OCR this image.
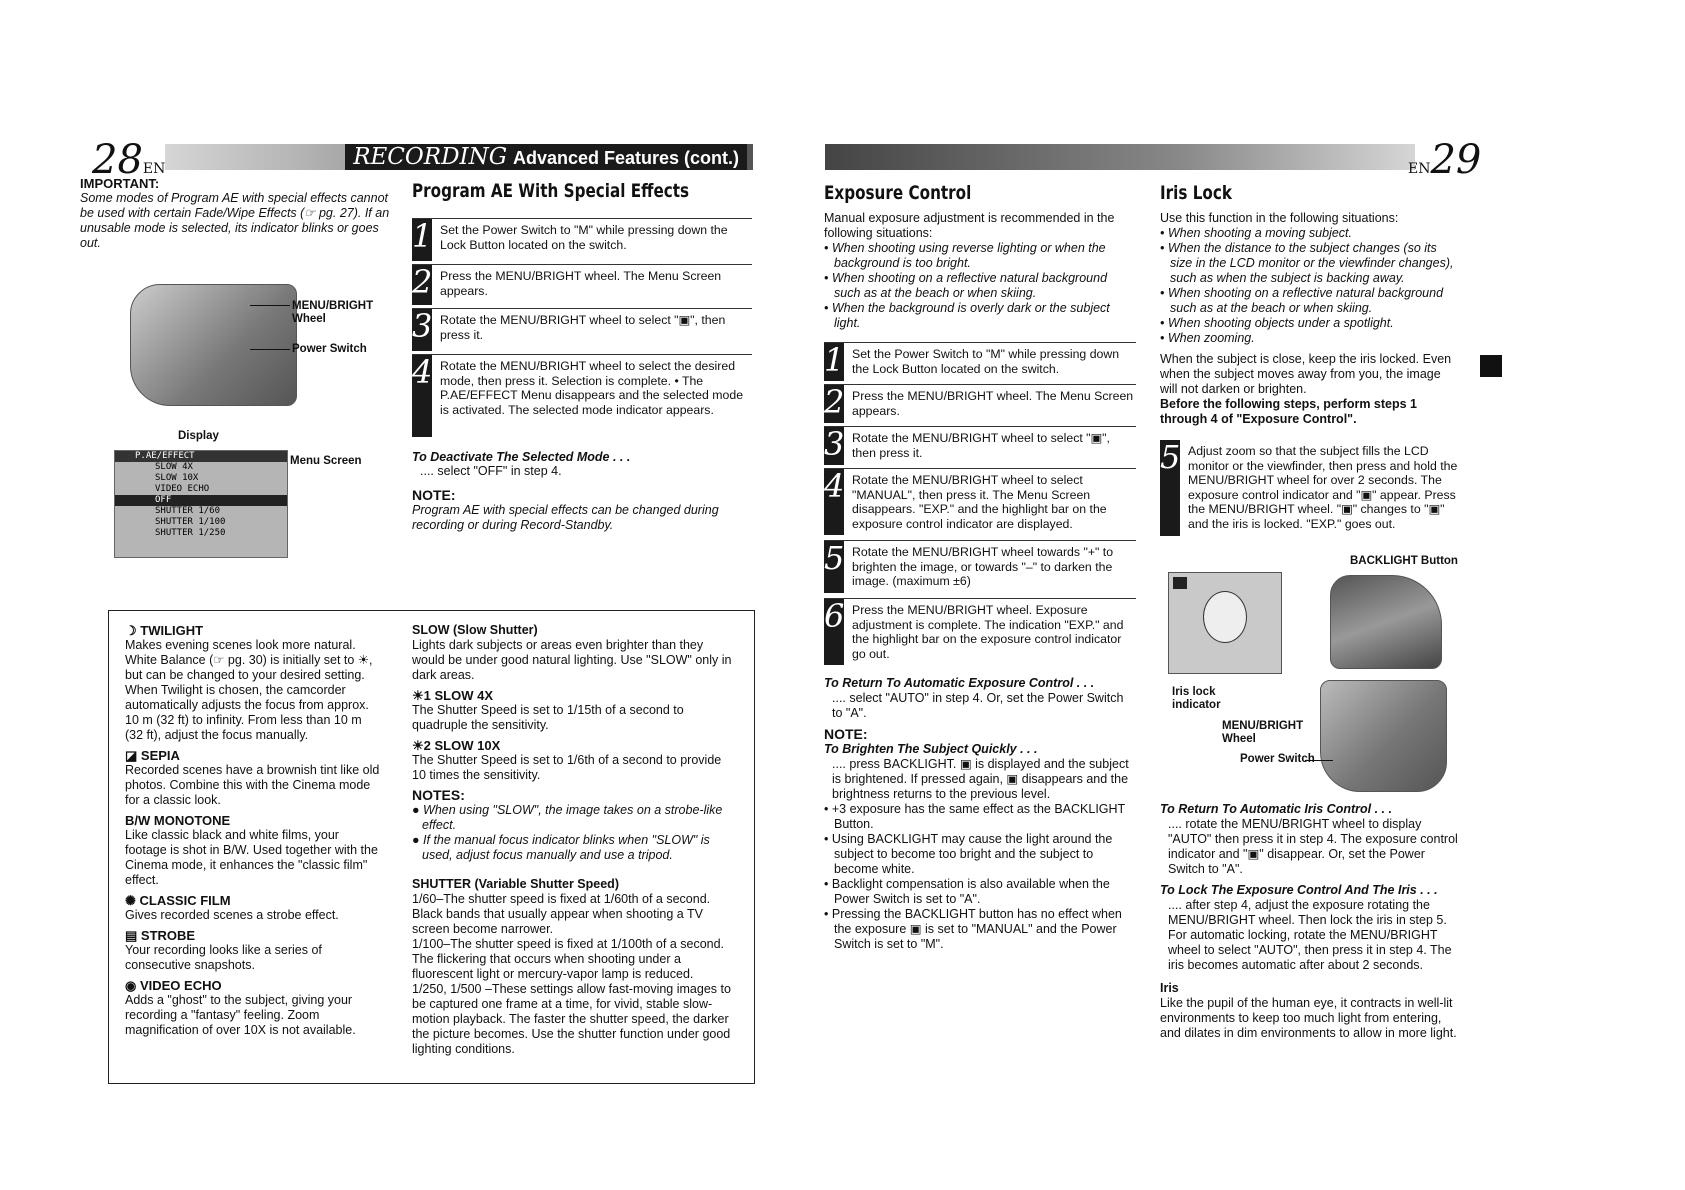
28EN	RECORDING Advanced Features (cont.)
IMPORTANT:
Some modes of Program AE with special effects cannot be used with certain Fade/Wipe Effects (☞ pg. 27). If an unusable mode is selected, its indicator blinks or goes out.
MENU/BRIGHT Wheel
Power Switch
Display
Menu Screen
P.AE/EFFECT
SLOW 4X
SLOW 10X
VIDEO ECHO
OFF
SHUTTER 1/60
SHUTTER 1/100
SHUTTER 1/250
Program AE With Special Effects
1 Set the Power Switch to "M" while pressing down the Lock Button located on the switch.
2 Press the MENU/BRIGHT wheel. The Menu Screen appears.
3 Rotate the MENU/BRIGHT wheel to select "▣", then press it.
4 Rotate the MENU/BRIGHT wheel to select the desired mode, then press it. Selection is complete. • The P.AE/EFFECT Menu disappears and the selected mode is activated. The selected mode indicator appears.
To Deactivate The Selected Mode . . .
.... select "OFF" in step 4.
NOTE:
Program AE with special effects can be changed during recording or during Record-Standby.
☽ TWILIGHT
Makes evening scenes look more natural. White Balance (☞ pg. 30) is initially set to ☀, but can be changed to your desired setting. When Twilight is chosen, the camcorder automatically adjusts the focus from approx. 10 m (32 ft) to infinity. From less than 10 m (32 ft), adjust the focus manually.
◪ SEPIA
Recorded scenes have a brownish tint like old photos. Combine this with the Cinema mode for a classic look.
B/W MONOTONE
Like classic black and white films, your footage is shot in B/W. Used together with the Cinema mode, it enhances the "classic film" effect.
✺ CLASSIC FILM
Gives recorded scenes a strobe effect.
▤ STROBE
Your recording looks like a series of consecutive snapshots.
◉ VIDEO ECHO
Adds a "ghost" to the subject, giving your recording a "fantasy" feeling. Zoom magnification of over 10X is not available.
SLOW (Slow Shutter)
Lights dark subjects or areas even brighter than they would be under good natural lighting. Use "SLOW" only in dark areas.
☀1 SLOW 4X
The Shutter Speed is set to 1/15th of a second to quadruple the sensitivity.
☀2 SLOW 10X
The Shutter Speed is set to 1/6th of a second to provide 10 times the sensitivity.
NOTES:
● When using "SLOW", the image takes on a strobe-like effect.
● If the manual focus indicator blinks when "SLOW" is used, adjust focus manually and use a tripod.
SHUTTER (Variable Shutter Speed)
1/60–The shutter speed is fixed at 1/60th of a second. Black bands that usually appear when shooting a TV screen become narrower.
1/100–The shutter speed is fixed at 1/100th of a second. The flickering that occurs when shooting under a fluorescent light or mercury-vapor lamp is reduced.
1/250, 1/500 –These settings allow fast-moving images to be captured one frame at a time, for vivid, stable slow-motion playback. The faster the shutter speed, the darker the picture becomes. Use the shutter function under good lighting conditions.
EN29
Exposure Control
Manual exposure adjustment is recommended in the following situations:
• When shooting using reverse lighting or when the background is too bright.
• When shooting on a reflective natural background such as at the beach or when skiing.
• When the background is overly dark or the subject light.
1 Set the Power Switch to "M" while pressing down the Lock Button located on the switch.
2 Press the MENU/BRIGHT wheel. The Menu Screen appears.
3 Rotate the MENU/BRIGHT wheel to select "▣", then press it.
4 Rotate the MENU/BRIGHT wheel to select "MANUAL", then press it. The Menu Screen disappears. "EXP." and the highlight bar on the exposure control indicator are displayed.
5 Rotate the MENU/BRIGHT wheel towards "+" to brighten the image, or towards "–" to darken the image. (maximum ±6)
6 Press the MENU/BRIGHT wheel. Exposure adjustment is complete. The indication "EXP." and the highlight bar on the exposure control indicator go out.
To Return To Automatic Exposure Control . . .
.... select "AUTO" in step 4. Or, set the Power Switch to "A".
NOTE:
To Brighten The Subject Quickly . . .
.... press BACKLIGHT. ▣ is displayed and the subject is brightened. If pressed again, ▣ disappears and the brightness returns to the previous level.
• +3 exposure has the same effect as the BACKLIGHT Button.
• Using BACKLIGHT may cause the light around the subject to become too bright and the subject to become white.
• Backlight compensation is also available when the Power Switch is set to "A".
• Pressing the BACKLIGHT button has no effect when the exposure ▣ is set to "MANUAL" and the Power Switch is set to "M".
Iris Lock
Use this function in the following situations:
• When shooting a moving subject.
• When the distance to the subject changes (so its size in the LCD monitor or the viewfinder changes), such as when the subject is backing away.
• When shooting on a reflective natural background such as at the beach or when skiing.
• When shooting objects under a spotlight.
• When zooming.
When the subject is close, keep the iris locked. Even when the subject moves away from you, the image will not darken or brighten.
Before the following steps, perform steps 1 through 4 of "Exposure Control".
5 Adjust zoom so that the subject fills the LCD monitor or the viewfinder, then press and hold the MENU/BRIGHT wheel for over 2 seconds. The exposure control indicator and "▣" appear. Press the MENU/BRIGHT wheel. "▣" changes to "▣" and the iris is locked. "EXP." goes out.
BACKLIGHT Button
Iris lock indicator
MENU/BRIGHT Wheel
Power Switch
To Return To Automatic Iris Control . . .
.... rotate the MENU/BRIGHT wheel to display "AUTO" then press it in step 4. The exposure control indicator and "▣" disappear. Or, set the Power Switch to "A".
To Lock The Exposure Control And The Iris . . .
.... after step 4, adjust the exposure rotating the MENU/BRIGHT wheel. Then lock the iris in step 5. For automatic locking, rotate the MENU/BRIGHT wheel to select "AUTO", then press it in step 4. The iris becomes automatic after about 2 seconds.
Iris
Like the pupil of the human eye, it contracts in well-lit environments to keep too much light from entering, and dilates in dim environments to allow in more light.
